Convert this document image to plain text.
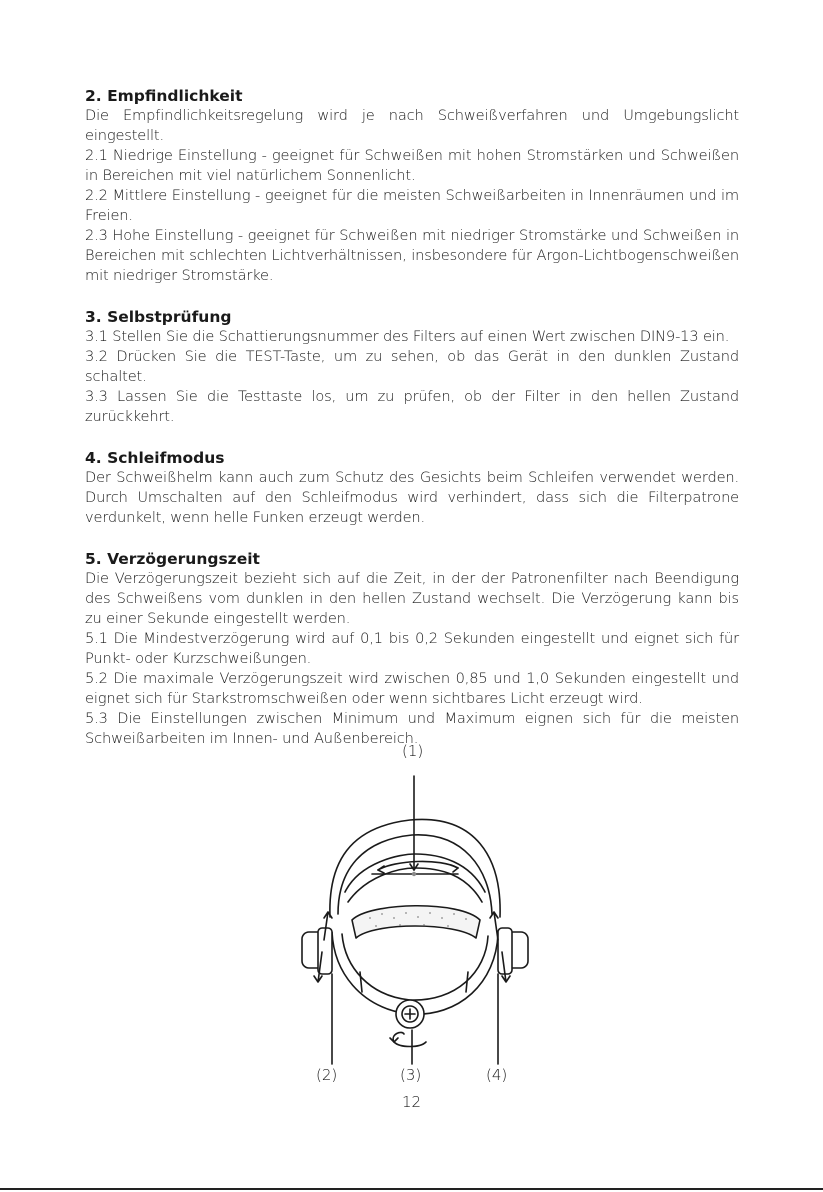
2. Empfindlichkeit

Die Empfindlichkeitsregelung wird je nach Schweißverfahren und Umgebungslicht eingestellt.

2.1 Niedrige Einstellung - geeignet für Schweißen mit hohen Stromstärken und Schweißen in Bereichen mit viel natürlichem Sonnenlicht.

2.2 Mittlere Einstellung - geeignet für die meisten Schweißarbeiten in Innenräumen und im Freien.

2.3 Hohe Einstellung - geeignet für Schweißen mit niedriger Stromstärke und Schweißen in Bereichen mit schlechten Lichtverhältnissen, insbesondere für Argon-Lichtbogenschweißen mit niedriger Stromstärke.

3. Selbstprüfung

3.1 Stellen Sie die Schattierungsnummer des Filters auf einen Wert zwischen DIN9-13 ein.

3.2 Drücken Sie die TEST-Taste, um zu sehen, ob das Gerät in den dunklen Zustand schaltet.

3.3 Lassen Sie die Testtaste los, um zu prüfen, ob der Filter in den hellen Zustand zurückkehrt.

4. Schleifmodus

Der Schweißhelm kann auch zum Schutz des Gesichts beim Schleifen verwendet werden. Durch Umschalten auf den Schleifmodus wird verhindert, dass sich die Filterpatrone verdunkelt, wenn helle Funken erzeugt werden.

5. Verzögerungszeit

Die Verzögerungszeit bezieht sich auf die Zeit, in der der Patronenfilter nach Beendigung des Schweißens vom dunklen in den hellen Zustand wechselt. Die Verzögerung kann bis zu einer Sekunde eingestellt werden.

5.1 Die Mindestverzögerung wird auf 0,1 bis 0,2 Sekunden eingestellt und eignet sich für Punkt- oder Kurzschweißungen.

5.2 Die maximale Verzögerungszeit wird zwischen 0,85 und 1,0 Sekunden eingestellt und eignet sich für Starkstromschweißen oder wenn sichtbares Licht erzeugt wird.

5.3 Die Einstellungen zwischen Minimum und Maximum eignen sich für die meisten Schweißarbeiten im Innen- und Außenbereich.

(1)
(2)	(3)	(4)
12
